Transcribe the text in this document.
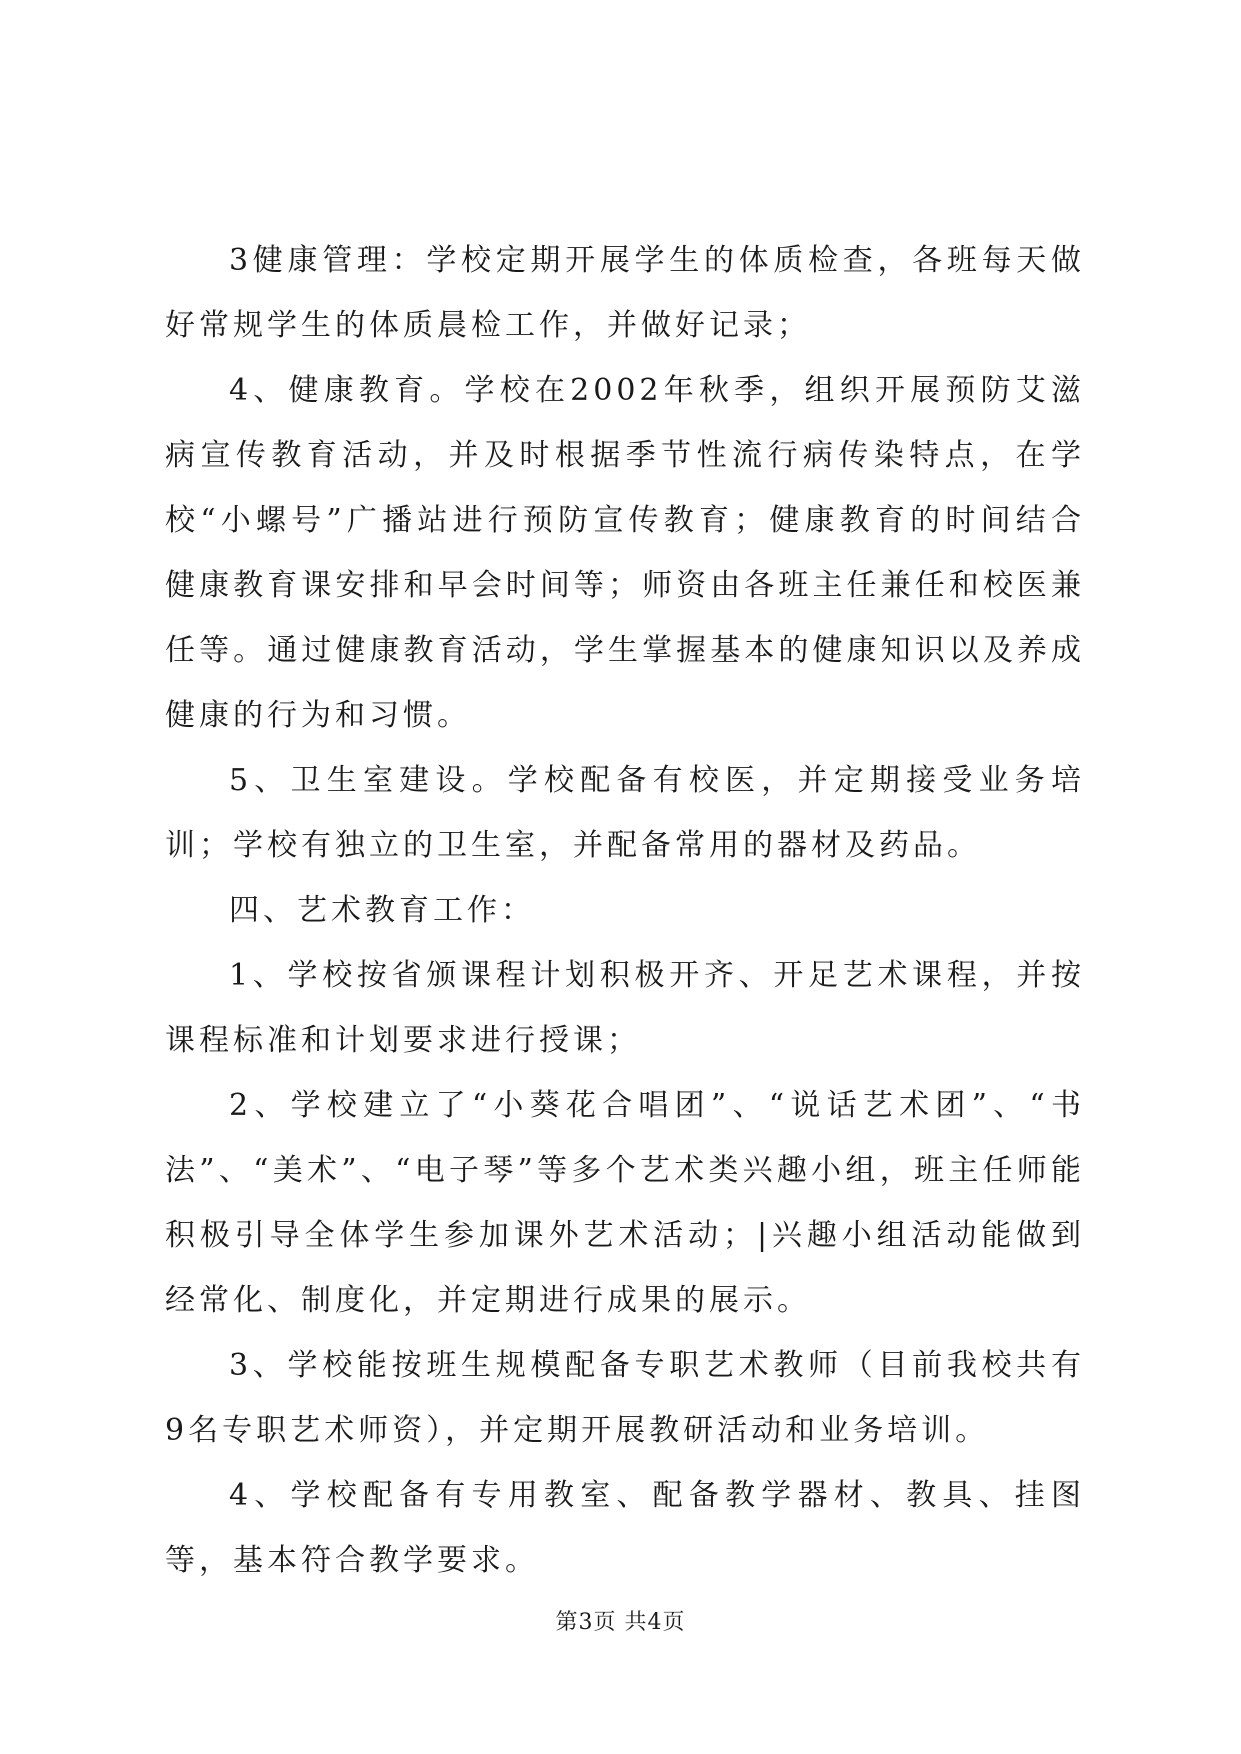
3健康管理：学校定期开展学生的体质检查，各班每天做好常规学生的体质晨检工作，并做好记录；

4、健康教育。学校在2002年秋季，组织开展预防艾滋病宣传教育活动，并及时根据季节性流行病传染特点，在学校“小螺号”广播站进行预防宣传教育；健康教育的时间结合健康教育课安排和早会时间等；师资由各班主任兼任和校医兼任等。通过健康教育活动，学生掌握基本的健康知识以及养成健康的行为和习惯。

5、卫生室建设。学校配备有校医，并定期接受业务培训；学校有独立的卫生室，并配备常用的器材及药品。

四、艺术教育工作：

1、学校按省颁课程计划积极开齐、开足艺术课程，并按课程标准和计划要求进行授课；

2、学校建立了“小葵花合唱团”、“说话艺术团”、“书法”、“美术”、“电子琴”等多个艺术类兴趣小组，班主任师能积极引导全体学生参加课外艺术活动；|兴趣小组活动能做到经常化、制度化，并定期进行成果的展示。

3、学校能按班生规模配备专职艺术教师（目前我校共有9名专职艺术师资），并定期开展教研活动和业务培训。

4、学校配备有专用教室、配备教学器材、教具、挂图等，基本符合教学要求。

第3页 共4页
